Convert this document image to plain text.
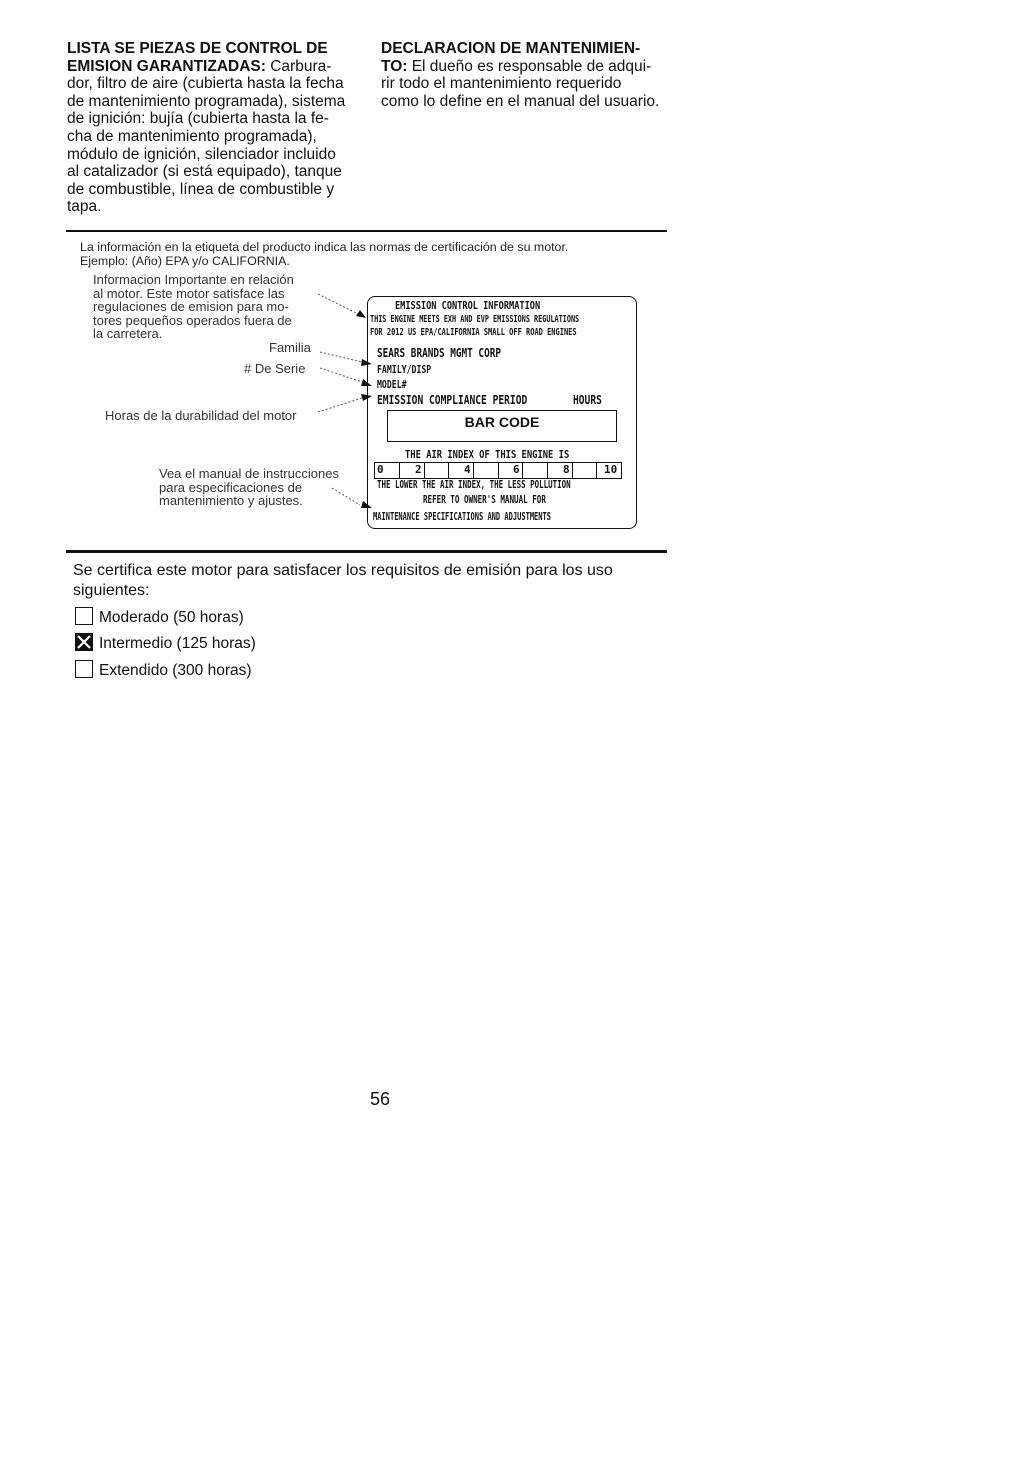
LISTA SE PIEZAS DE CONTROL DE
EMISION GARANTIZADAS: Carbura-
dor, filtro de aire (cubierta hasta la fecha
de mantenimiento programada), sistema
de ignición: bujía (cubierta hasta la fe-
cha de mantenimiento programada),
módulo de ignición, silenciador incluido
al catalizador (si está equipado), tanque
de combustible, línea de combustible y
tapa.
DECLARACION DE MANTENIMIEN-
TO: El dueño es responsable de adqui-
rir todo el mantenimiento requerido
como lo define en el manual del usuario.
La información en la etiqueta del producto indica las normas de certificación de su motor.
Ejemplo: (Año) EPA y/o CALIFORNIA.
Informacion Importante en relación
al motor. Este motor satisface las
regulaciones de emision para mo-
tores pequeños operados fuera de
la carretera.
Familia
# De Serie
Horas de la durabilidad del motor
Vea el manual de instrucciones
para especificaciones de
mantenimiento y ajustes.
EMISSION CONTROL INFORMATION
THIS ENGINE MEETS EXH AND EVP EMISSIONS REGULATIONS
FOR 2012 US EPA/CALIFORNIA SMALL OFF ROAD ENGINES
SEARS BRANDS MGMT CORP
FAMILY/DISP
MODEL#
EMISSION COMPLIANCE PERIOD	HOURS
BAR CODE
THE AIR INDEX OF THIS ENGINE IS
0	2	4	6	8	10
THE LOWER THE AIR INDEX, THE LESS POLLUTION
REFER TO OWNER'S MANUAL FOR
MAINTENANCE SPECIFICATIONS AND ADJUSTMENTS
Se certifica este motor para satisfacer los requisitos de emisión para los uso
siguientes:
Moderado (50 horas)
Intermedio (125 horas)
Extendido (300 horas)
56
